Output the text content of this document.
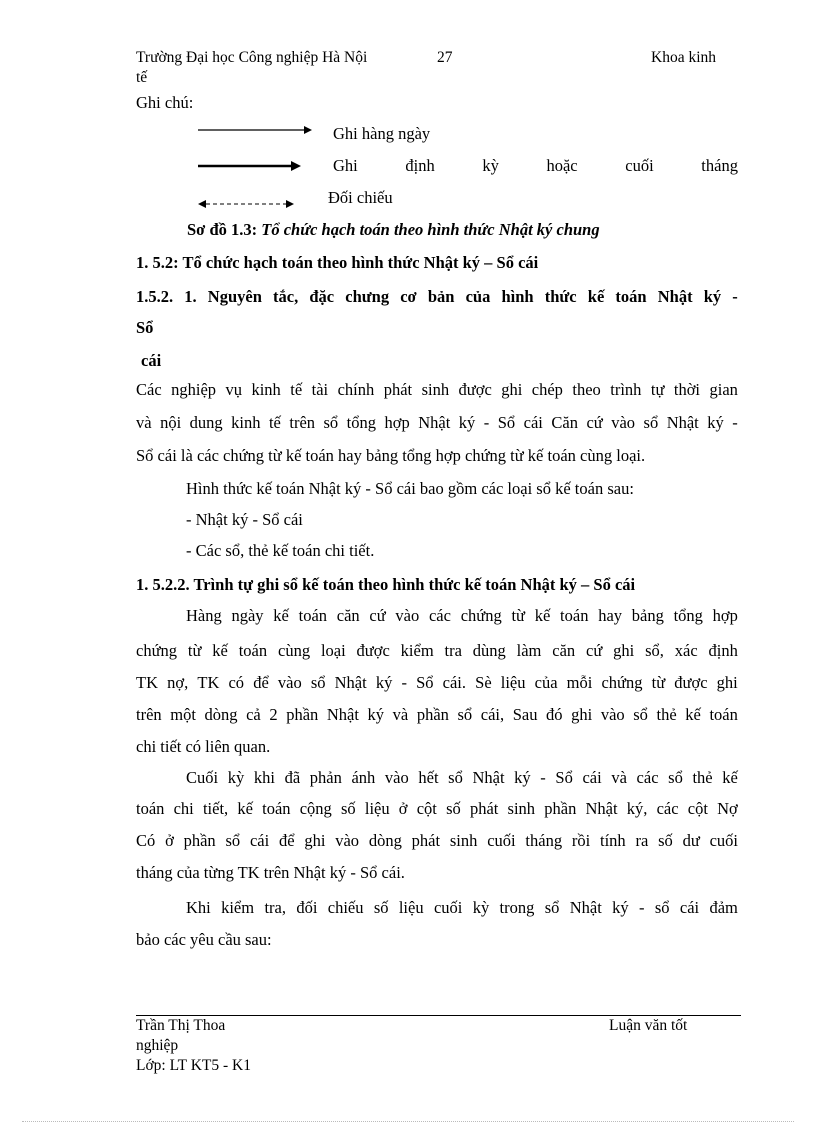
Trường Đại học Công nghiệp Hà Nội	27	Khoa kinh
tế
Ghi chú:
Ghi hàng ngày
Ghi	định	kỳ	hoặc	cuối	tháng
Đối chiếu
Sơ đồ 1.3: Tổ chức hạch toán theo hình thức Nhật ký chung
1. 5.2: Tổ chức hạch toán theo hình thức Nhật ký – Sổ cái
1.5.2. 1. Nguyên tắc, đặc chưng cơ bản của hình thức kế toán Nhật ký -
Sổ
cái
Các nghiệp vụ kinh tế tài chính phát sinh được ghi chép theo trình tự thời gian
và nội dung kinh tế trên sổ tổng hợp Nhật ký - Sổ cái Căn cứ vào sổ Nhật ký -
Sổ cái là các chứng từ kế toán hay bảng tổng hợp chứng từ kế toán cùng loại.
Hình thức kế toán Nhật ký - Sổ cái bao gồm các loại sổ kế toán sau:
- Nhật ký - Sổ cái
- Các sổ, thẻ kế toán chi tiết.
1. 5.2.2. Trình tự ghi sổ kế toán theo hình thức kế toán Nhật ký – Sổ cái
Hàng ngày kế toán căn cứ vào các chứng từ kế toán hay bảng tổng hợp
chứng từ kế toán cùng loại được kiểm tra dùng làm căn cứ ghi sổ, xác định
TK nợ, TK có để vào sổ Nhật ký - Sổ cái. Sè liệu của mỗi chứng từ được ghi
trên một dòng cả 2 phần Nhật ký và phần sổ cái, Sau đó ghi vào sổ thẻ kế toán
chi tiết có liên quan.
Cuối kỳ khi đã phản ánh vào hết sổ Nhật ký - Sổ cái và các sổ thẻ kế
toán chi tiết, kế toán cộng số liệu ở cột số phát sinh phần Nhật ký, các cột Nợ
Có ở phần sổ cái để ghi vào dòng phát sinh cuối tháng rồi tính ra số dư cuối
tháng của từng TK trên Nhật ký - Sổ cái.
Khi kiểm tra, đối chiếu số liệu cuối kỳ trong sổ Nhật ký - sổ cái đảm
bảo các yêu cầu sau:
Trần Thị Thoa	Luận văn tốt
nghiệp
Lớp: LT KT5 - K1
